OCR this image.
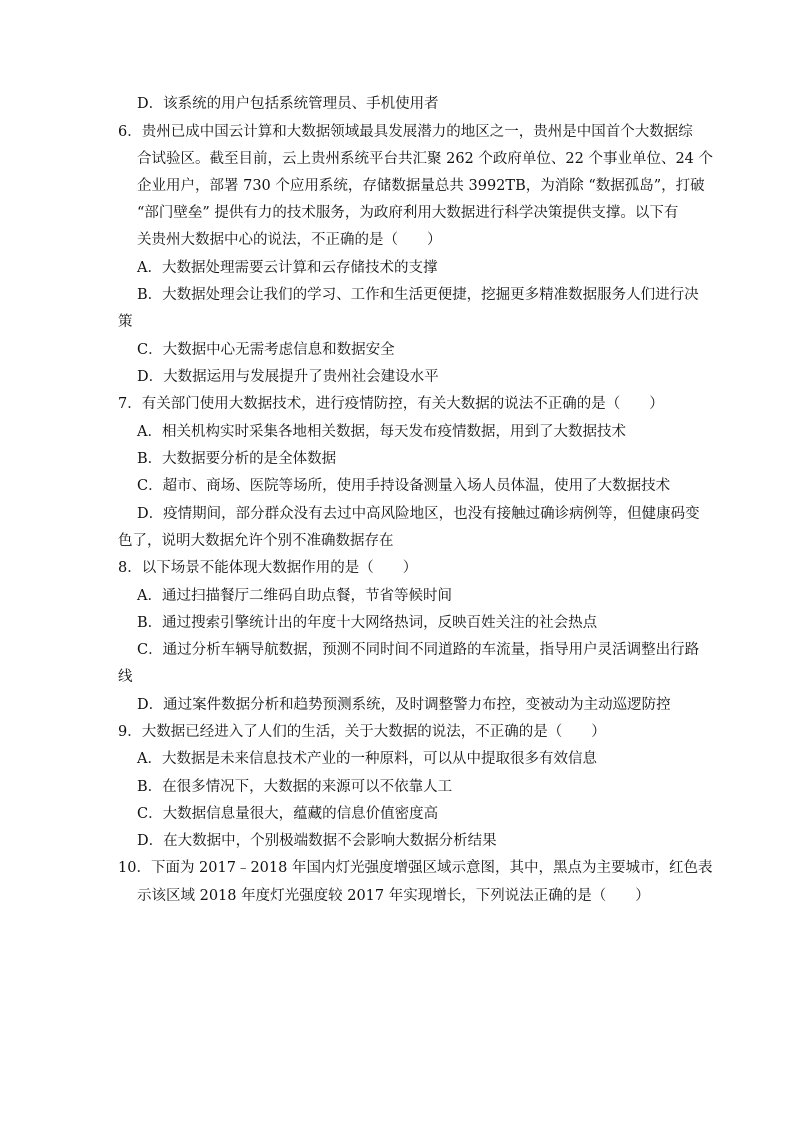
D．该系统的用户包括系统管理员、手机使用者
6．贵州已成中国云计算和大数据领域最具发展潜力的地区之一，贵州是中国首个大数据综
合试验区。截至目前，云上贵州系统平台共汇聚 262 个政府单位、22 个事业单位、24 个
企业用户，部署 730 个应用系统，存储数据量总共 3992TB，为消除 “数据孤岛”，打破
“部门壁垒” 提供有力的技术服务，为政府利用大数据进行科学决策提供支撑。以下有
关贵州大数据中心的说法，不正确的是（　　）
A．大数据处理需要云计算和云存储技术的支撑
B．大数据处理会让我们的学习、工作和生活更便捷，挖掘更多精准数据服务人们进行决
策
C．大数据中心无需考虑信息和数据安全
D．大数据运用与发展提升了贵州社会建设水平
7．有关部门使用大数据技术，进行疫情防控，有关大数据的说法不正确的是（　　）
A．相关机构实时采集各地相关数据，每天发布疫情数据，用到了大数据技术
B．大数据要分析的是全体数据
C．超市、商场、医院等场所，使用手持设备测量入场人员体温，使用了大数据技术
D．疫情期间，部分群众没有去过中高风险地区，也没有接触过确诊病例等，但健康码变
色了，说明大数据允许个别不准确数据存在
8．以下场景不能体现大数据作用的是（　　）
A．通过扫描餐厅二维码自助点餐，节省等候时间
B．通过搜索引擎统计出的年度十大网络热词，反映百姓关注的社会热点
C．通过分析车辆导航数据，预测不同时间不同道路的车流量，指导用户灵活调整出行路
线
D．通过案件数据分析和趋势预测系统，及时调整警力布控，变被动为主动巡逻防控
9．大数据已经进入了人们的生活，关于大数据的说法，不正确的是（　　）
A．大数据是未来信息技术产业的一种原料，可以从中提取很多有效信息
B．在很多情况下，大数据的来源可以不依靠人工
C．大数据信息量很大，蕴藏的信息价值密度高
D．在大数据中，个别极端数据不会影响大数据分析结果
10．下面为 2017﹣2018 年国内灯光强度增强区域示意图，其中，黑点为主要城市，红色表
示该区域 2018 年度灯光强度较 2017 年实现增长，下列说法正确的是（　　）
